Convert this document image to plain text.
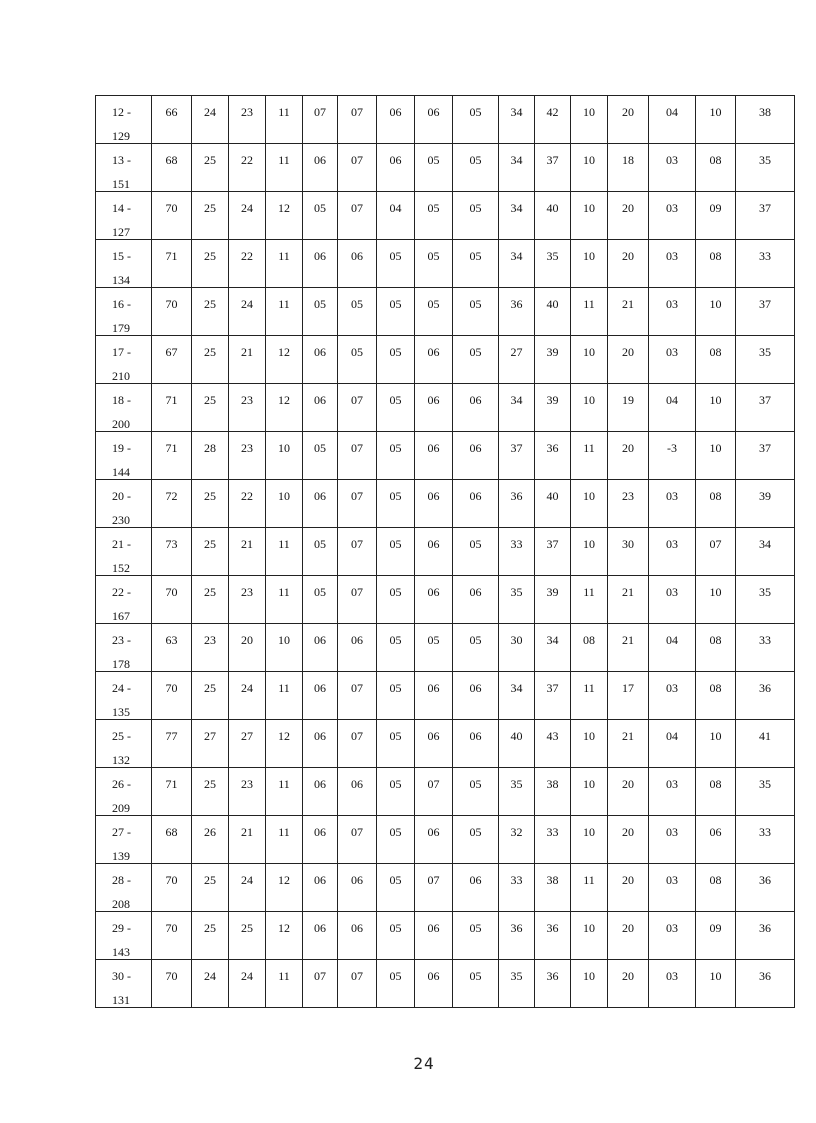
12 -
129	66	24	23	11	07	07	06	06	05	34	42	10	20	04	10	38

13 -
151	68	25	22	11	06	07	06	05	05	34	37	10	18	03	08	35

14 -
127	70	25	24	12	05	07	04	05	05	34	40	10	20	03	09	37

15 -
134	71	25	22	11	06	06	05	05	05	34	35	10	20	03	08	33

16 -
179	70	25	24	11	05	05	05	05	05	36	40	11	21	03	10	37

17 -
210	67	25	21	12	06	05	05	06	05	27	39	10	20	03	08	35

18 -
200	71	25	23	12	06	07	05	06	06	34	39	10	19	04	10	37

19 -
144	71	28	23	10	05	07	05	06	06	37	36	11	20	-3	10	37

20 -
230	72	25	22	10	06	07	05	06	06	36	40	10	23	03	08	39

21 -
152	73	25	21	11	05	07	05	06	05	33	37	10	30	03	07	34

22 -
167	70	25	23	11	05	07	05	06	06	35	39	11	21	03	10	35

23 -
178	63	23	20	10	06	06	05	05	05	30	34	08	21	04	08	33

24 -
135	70	25	24	11	06	07	05	06	06	34	37	11	17	03	08	36

25 -
132	77	27	27	12	06	07	05	06	06	40	43	10	21	04	10	41

26 -
209	71	25	23	11	06	06	05	07	05	35	38	10	20	03	08	35

27 -
139	68	26	21	11	06	07	05	06	05	32	33	10	20	03	06	33

28 -
208	70	25	24	12	06	06	05	07	06	33	38	11	20	03	08	36

29 -
143	70	25	25	12	06	06	05	06	05	36	36	10	20	03	09	36

30 -
131	70	24	24	11	07	07	05	06	05	35	36	10	20	03	10	36
24
